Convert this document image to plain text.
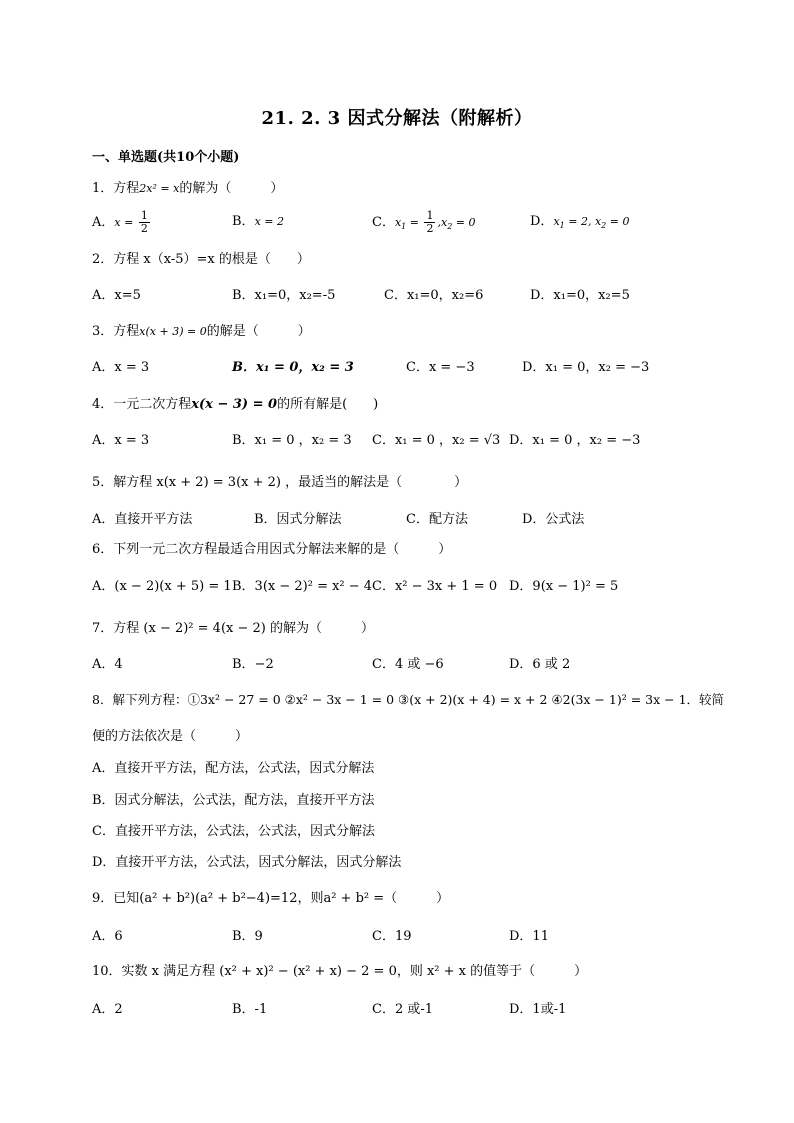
21. 2. 3 因式分解法（附解析）
一、单选题(共10个小题)
1．方程2x² = x的解为（　　　）
A．$x = \frac{1}{2}$	B．x = 2	C．$x_1 = \frac{1}{2} ,x_2 = 0$	D．$x_1 = 2$, $x_2 = 0$
2．方程 x（x-5）=x 的根是（　　）
A．x=5	B．x₁=0，x₂=-5	C．x₁=0，x₂=6	D．x₁=0，x₂=5
3．方程x(x + 3) = 0的解是（　　　）
A．x = 3	B．x₁ = 0，x₂ = 3	C．x = −3	D．x₁ = 0，x₂ = −3
4．一元二次方程x(x − 3) = 0的所有解是(　　)
A．x = 3	B．x₁ = 0 ，x₂ = 3 C．x₁ = 0 ，x₂ = √3 D．x₁ = 0 ，x₂ = −3
5．解方程 x(x + 2) = 3(x + 2) ，最适当的解法是（　　　　）
A．直接开平方法	B．因式分解法	C．配方法	D．公式法
6．下列一元二次方程最适合用因式分解法来解的是（　　　）
A．(x − 2)(x + 5) = 1 B．3(x − 2)² = x² − 4 C．x² − 3x + 1 = 0 D．9(x − 1)² = 5
7．方程 (x − 2)² = 4(x − 2) 的解为（　　　）
A．4	B．−2	C．4 或 −6	D．6 或 2
8．解下列方程：①3x² − 27 = 0 ②x² − 3x − 1 = 0 ③(x + 2)(x + 4) = x + 2 ④2(3x − 1)² = 3x − 1．较简
便的方法依次是（　　　）
A．直接开平方法，配方法，公式法，因式分解法
B．因式分解法，公式法，配方法，直接开平方法
C．直接开平方法，公式法，公式法，因式分解法
D．直接开平方法，公式法，因式分解法，因式分解法
9．已知(a² + b²)(a² + b²−4)=12，则a² + b² =（　　　）
A．6	B．9	C．19	D．11
10．实数 x 满足方程 (x² + x)² − (x² + x) − 2 = 0，则 x² + x 的值等于（　　　）
A．2	B．-1	C．2 或-1	D．1或-1
